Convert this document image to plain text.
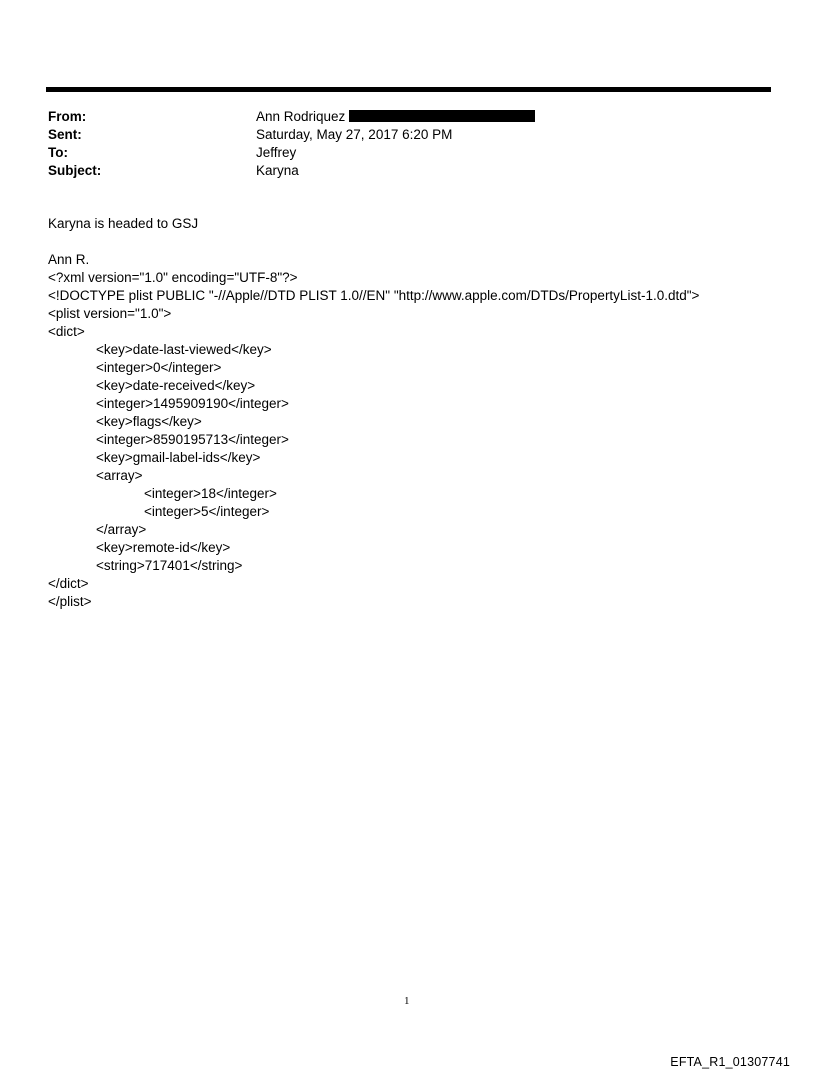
From:	Ann Rodriquez
Sent:	Saturday, May 27, 2017 6:20 PM
To:	Jeffrey
Subject:	Karyna
Karyna is headed to GSJ
Ann R.
<?xml version="1.0" encoding="UTF-8"?>
<!DOCTYPE plist PUBLIC "-//Apple//DTD PLIST 1.0//EN" "http://www.apple.com/DTDs/PropertyList-1.0.dtd">
<plist version="1.0">
<dict>
<key>date-last-viewed</key>
<integer>0</integer>
<key>date-received</key>
<integer>1495909190</integer>
<key>flags</key>
<integer>8590195713</integer>
<key>gmail-label-ids</key>
<array>
<integer>18</integer>
<integer>5</integer>
</array>
<key>remote-id</key>
<string>717401</string>
</dict>
</plist>
1
EFTA_R1_01307741
